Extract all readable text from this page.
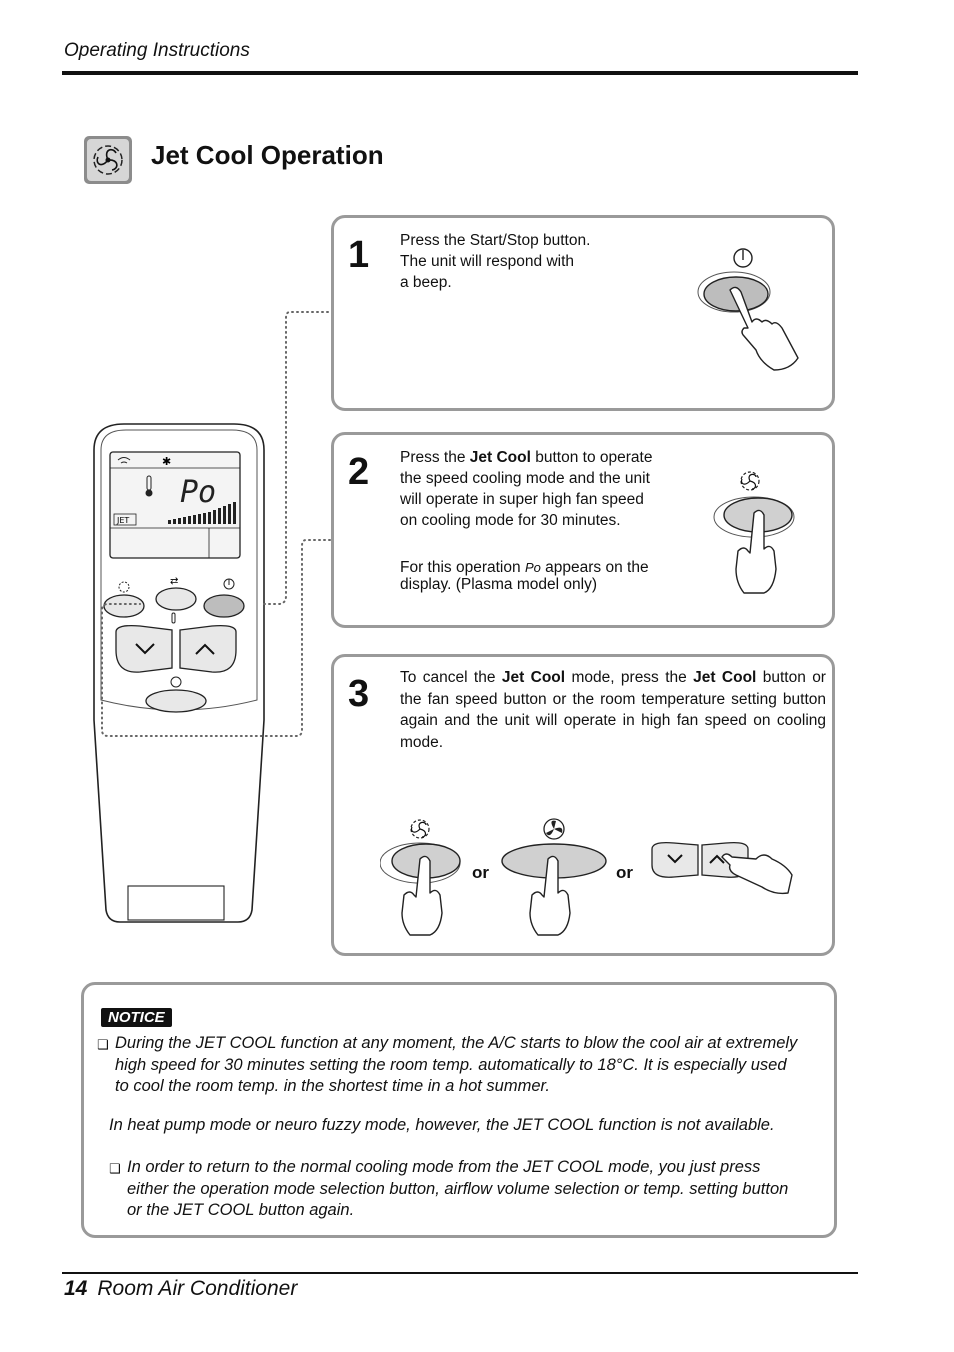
Operating Instructions
Jet Cool Operation
✱
Po
JET
⇄
1 Press the Start/Stop button.
The unit will respond with
a beep.
2 Press the Jet Cool button to operate
the speed cooling mode and the unit
will operate in super high fan speed
on cooling mode for 30 minutes.
For this operation Po appears on the
display. (Plasma model only)
3 To cancel the Jet Cool mode, press the Jet Cool button or the fan speed button or the room temperature setting button again and the unit will operate in high fan speed on cooling mode.
or	or
NOTICE
❑ During the JET COOL function at any moment, the A/C starts to blow the cool air at extremely
high speed for 30 minutes setting the room temp. automatically to 18°C. It is especially used
to cool the room temp. in the shortest time in a hot summer.
In heat pump mode or neuro fuzzy mode, however, the JET COOL function is not available.
❑ In order to return to the normal cooling mode from the JET COOL mode, you just press
either the operation mode selection button, airflow volume selection or temp. setting button
or the JET COOL button again.
14 Room Air Conditioner
